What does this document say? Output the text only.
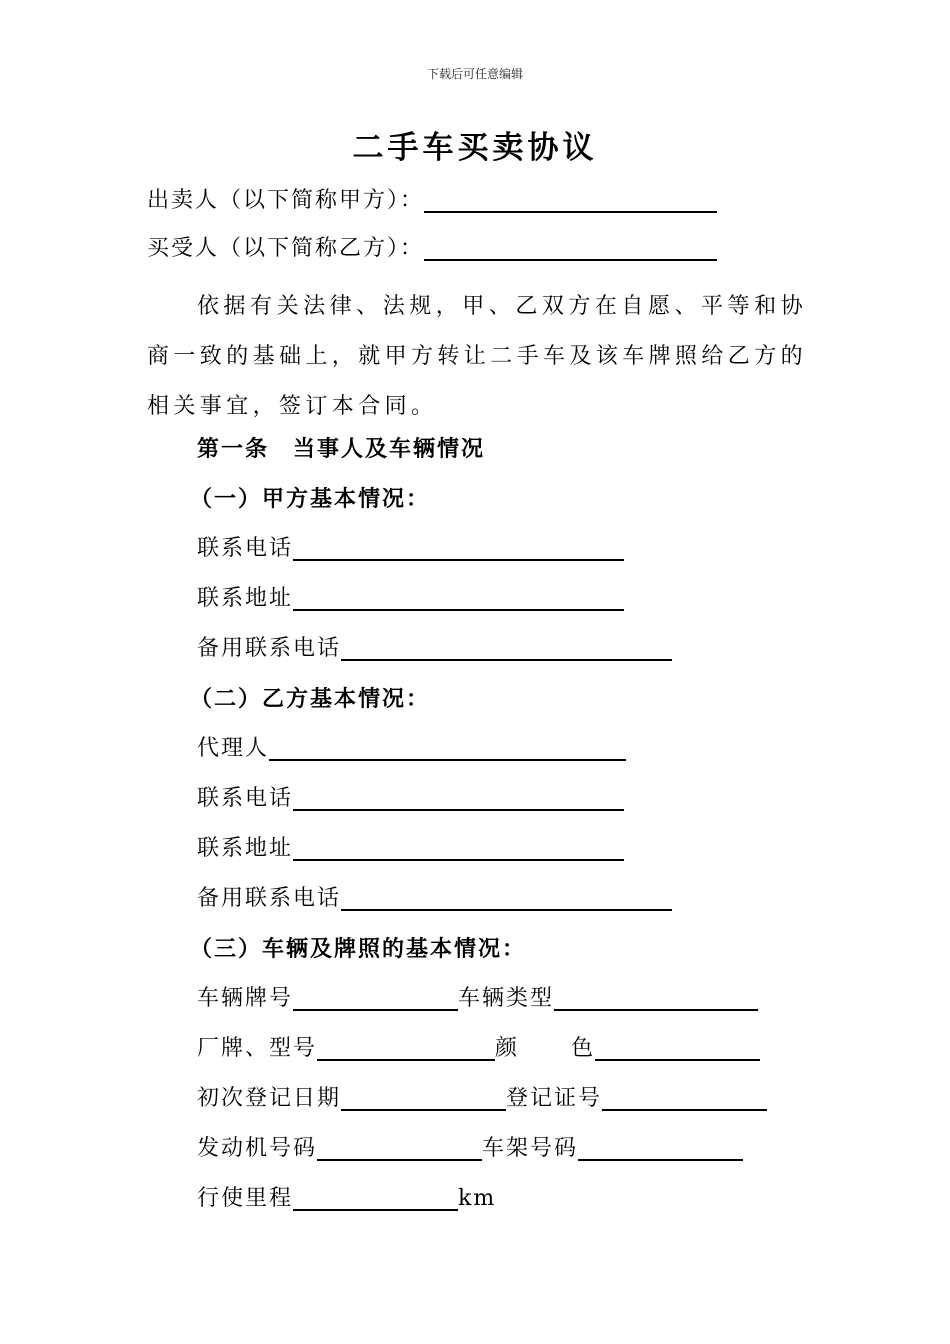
下载后可任意编辑
二手车买卖协议
出卖人（以下简称甲方）：
买受人（以下简称乙方）：
依据有关法律、法规，甲、乙双方在自愿、平等和协商一致的基础上，就甲方转让二手车及该车牌照给乙方的相关事宜，签订本合同。
第一条　当事人及车辆情况
（一）甲方基本情况：
联系电话
联系地址
备用联系电话
（二）乙方基本情况：
代理人
联系电话
联系地址
备用联系电话
（三）车辆及牌照的基本情况：
车辆牌号	车辆类型
厂牌、型号	颜 色
初次登记日期	登记证号
发动机号码	车架号码
行使里程	km
